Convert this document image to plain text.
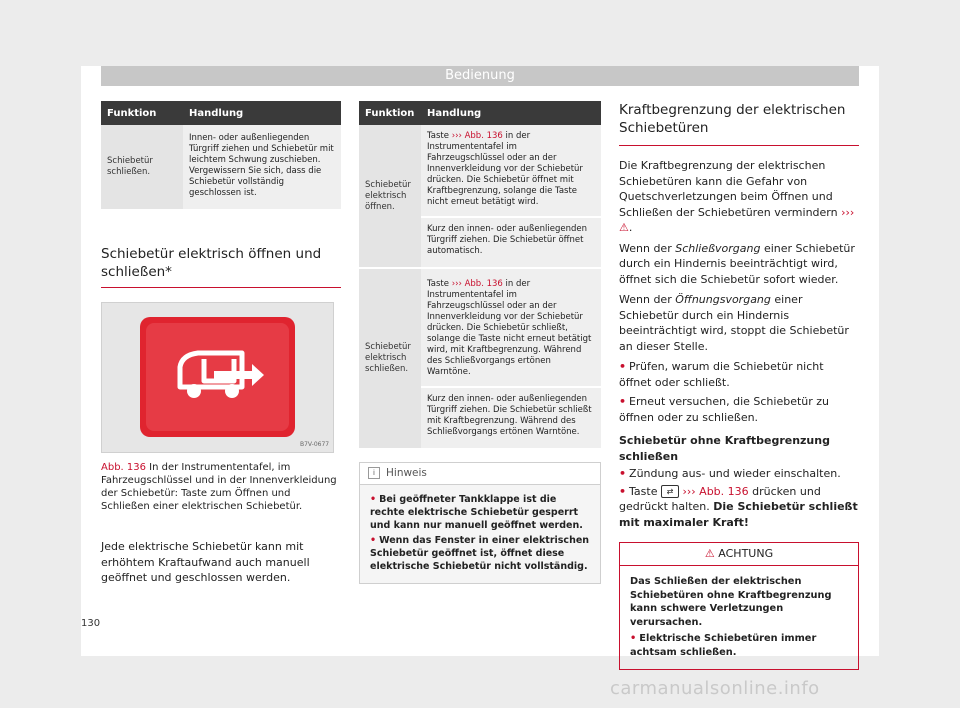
Bedienung
Funktion	Handlung
Schiebetür schließen.	Innen- oder außenliegenden Türgriff ziehen und Schiebetür mit leichtem Schwung zuschieben. Vergewissern Sie sich, dass die Schiebetür vollständig geschlossen ist.
Schiebetür elektrisch öffnen und schließen*
B7V-0677
Abb. 136 In der Instrumententafel, im Fahrzeugschlüssel und in der Innenverkleidung der Schiebetür: Taste zum Öffnen und Schließen einer elektrischen Schiebetür.

Jede elektrische Schiebetür kann mit erhöhtem Kraftaufwand auch manuell geöffnet und geschlossen werden.

Funktion	Handlung
Schiebetür elektrisch öffnen.	Taste ››› Abb. 136 in der Instrumententafel im Fahrzeugschlüssel oder an der Innenverkleidung vor der Schiebetür drücken. Die Schiebetür öffnet mit Kraftbegrenzung, solange die Taste nicht erneut betätigt wird.
	Kurz den innen- oder außenliegenden Türgriff ziehen. Die Schiebetür öffnet automatisch.
Schiebetür elektrisch schließen.	Taste ››› Abb. 136 in der Instrumententafel im Fahrzeugschlüssel oder an der Innenverkleidung vor der Schiebetür drücken. Die Schiebetür schließt, solange die Taste nicht erneut betätigt wird, mit Kraftbegrenzung. Während des Schließvorgangs ertönen Warntöne.
	Kurz den innen- oder außenliegenden Türgriff ziehen. Die Schiebetür schließt mit Kraftbegrenzung. Während des Schließvorgangs ertönen Warntöne.
i Hinweis
• Bei geöffneter Tankklappe ist die rechte elektrische Schiebetür gesperrt und kann nur manuell geöffnet werden.
• Wenn das Fenster in einer elektrischen Schiebetür geöffnet ist, öffnet diese elektrische Schiebetür nicht vollständig.
Kraftbegrenzung der elektrischen Schiebetüren

Die Kraftbegrenzung der elektrischen Schiebetüren kann die Gefahr von Quetschverletzungen beim Öffnen und Schließen der Schiebetüren vermindern ››› ⚠.

Wenn der Schließvorgang einer Schiebetür durch ein Hindernis beeinträchtigt wird, öffnet sich die Schiebetür sofort wieder.

Wenn der Öffnungsvorgang einer Schiebetür durch ein Hindernis beeinträchtigt wird, stoppt die Schiebetür an dieser Stelle.

• Prüfen, warum die Schiebetür nicht öffnet oder schließt.

• Erneut versuchen, die Schiebetür zu öffnen oder zu schließen.

Schiebetür ohne Kraftbegrenzung schließen

• Zündung aus- und wieder einschalten.

• Taste ⇄ ››› Abb. 136 drücken und gedrückt halten. Die Schiebetür schließt mit maximaler Kraft!

⚠ ACHTUNG
Das Schließen der elektrischen Schiebetüren ohne Kraftbegrenzung kann schwere Verletzungen verursachen.
• Elektrische Schiebetüren immer achtsam schließen.
130
carmanualsonline.info
